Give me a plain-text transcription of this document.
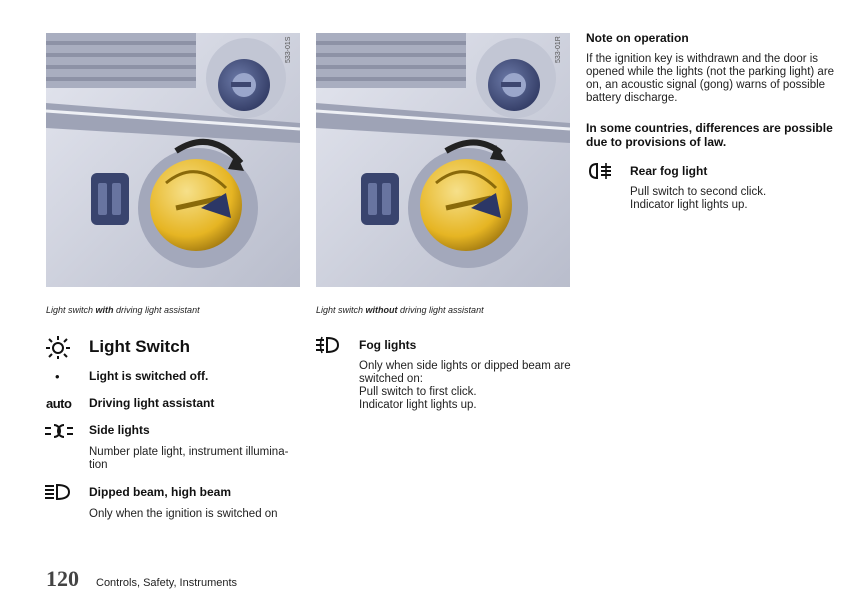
533-01S	533-01R
Light switch with driving light assistant	Light switch without driving light assistant
Light Switch
• Light is switched off.
auto Driving light assistant
Side lights
Number plate light, instrument illumina-
tion
Dipped beam, high beam
Only when the ignition is switched on
Fog lights
Only when side lights or dipped beam are
switched on:
Pull switch to first click.
Indicator light lights up.
Note on operation
If the ignition key is withdrawn and the door is
opened while the lights (not the parking light) are
on, an acoustic signal (gong) warns of possible
battery discharge.
In some countries, differences are possible
due to provisions of law.
Rear fog light
Pull switch to second click.
Indicator light lights up.
120 Controls, Safety, Instruments
